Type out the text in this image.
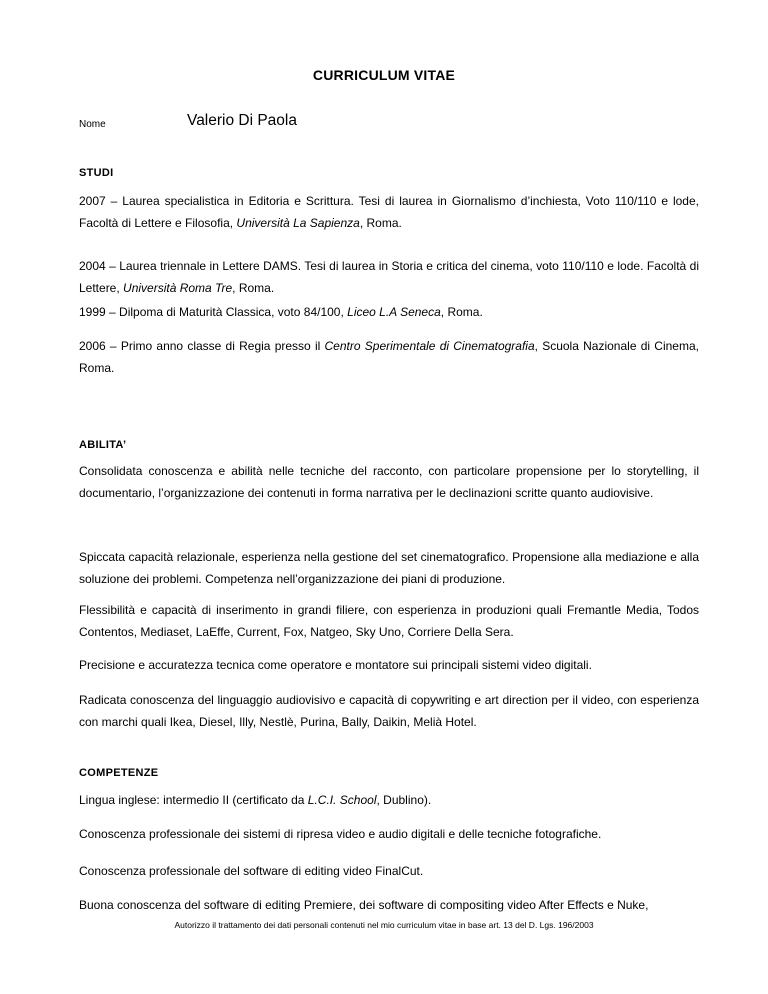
CURRICULUM VITAE
Nome	Valerio Di Paola
STUDI

2007 – Laurea specialistica in Editoria e Scrittura. Tesi di laurea in Giornalismo d’inchiesta, Voto 110/110 e lode, Facoltà di Lettere e Filosofia, Università La Sapienza, Roma.

2004 – Laurea triennale in Lettere DAMS. Tesi di laurea in Storia e critica del cinema, voto 110/110 e lode. Facoltà di Lettere, Università Roma Tre, Roma.

1999 – Dilpoma di Maturità Classica, voto 84/100, Liceo L.A Seneca, Roma.

2006 – Primo anno classe di Regia presso il Centro Sperimentale di Cinematografia, Scuola Nazionale di Cinema, Roma.

ABILITA’

Consolidata conoscenza e abilità nelle tecniche del racconto, con particolare propensione per lo storytelling, il documentario, l’organizzazione dei contenuti in forma narrativa per le declinazioni scritte quanto audiovisive.

Spiccata capacità relazionale, esperienza nella gestione del set cinematografico. Propensione alla mediazione e alla soluzione dei problemi. Competenza nell’organizzazione dei piani di produzione.

Flessibilità e capacità di inserimento in grandi filiere, con esperienza in produzioni quali Fremantle Media, Todos Contentos, Mediaset, LaEffe, Current, Fox, Natgeo, Sky Uno, Corriere Della Sera.

Precisione e accuratezza tecnica come operatore e montatore sui principali sistemi video digitali.

Radicata conoscenza del linguaggio audiovisivo e capacità di copywriting e art direction per il video, con esperienza con marchi quali Ikea, Diesel, Illy, Nestlè, Purina, Bally, Daikin, Melià Hotel.

COMPETENZE

Lingua inglese: intermedio II (certificato da L.C.I. School, Dublino).

Conoscenza professionale dei sistemi di ripresa video e audio digitali e delle tecniche fotografiche.

Conoscenza professionale del software di editing video FinalCut.

Buona conoscenza del software di editing Premiere, dei software di compositing video After Effects e Nuke,

Autorizzo il trattamento dei dati personali contenuti nel mio curriculum vitae in base art. 13 del D. Lgs. 196/2003
